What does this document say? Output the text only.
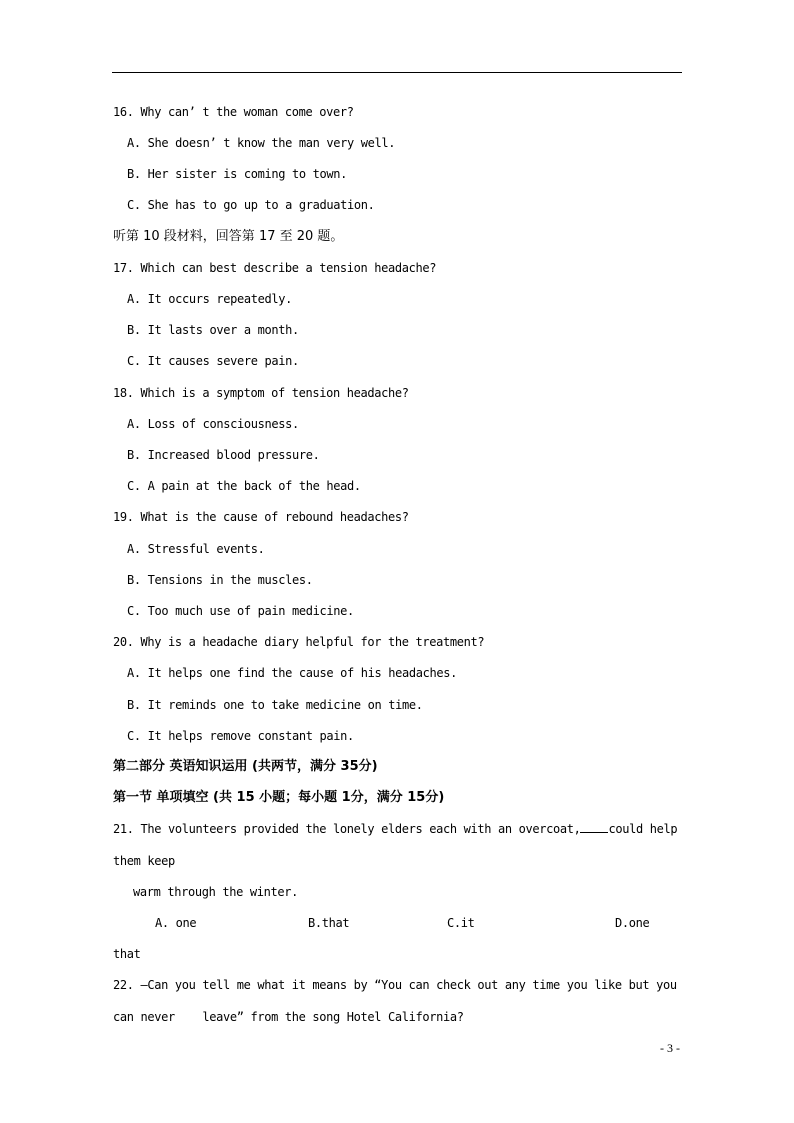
16. Why can’ t the woman come over?
A. She doesn’ t know the man very well.
B. Her sister is coming to town.
C. She has to go up to a graduation.
听第 10 段材料，回答第 17 至 20 题。
17. Which can best describe a tension headache?
A. It occurs repeatedly.
B. It lasts over a month.
C. It causes severe pain.
18. Which is a symptom of tension headache?
A. Loss of consciousness.
B. Increased blood pressure.
C. A pain at the back of the head.
19. What is the cause of rebound headaches?
A. Stressful events.
B. Tensions in the muscles.
C. Too much use of pain medicine.
20. Why is a headache diary helpful for the treatment?
A. It helps one find the cause of his headaches.
B. It reminds one to take medicine on time.
C. It helps remove constant pain.
第二部分 英语知识运用 (共两节，满分 35分)
第一节 单项填空 (共 15 小题；每小题 1分，满分 15分)
21. The volunteers provided the lonely elders each with an overcoat, could help
them keep
warm through the winter.
A. one	B.that	C.it	D.one
that
22. —Can you tell me what it means by “You can check out any time you like but you
can never    leave” from the song Hotel California?
- 3 -
